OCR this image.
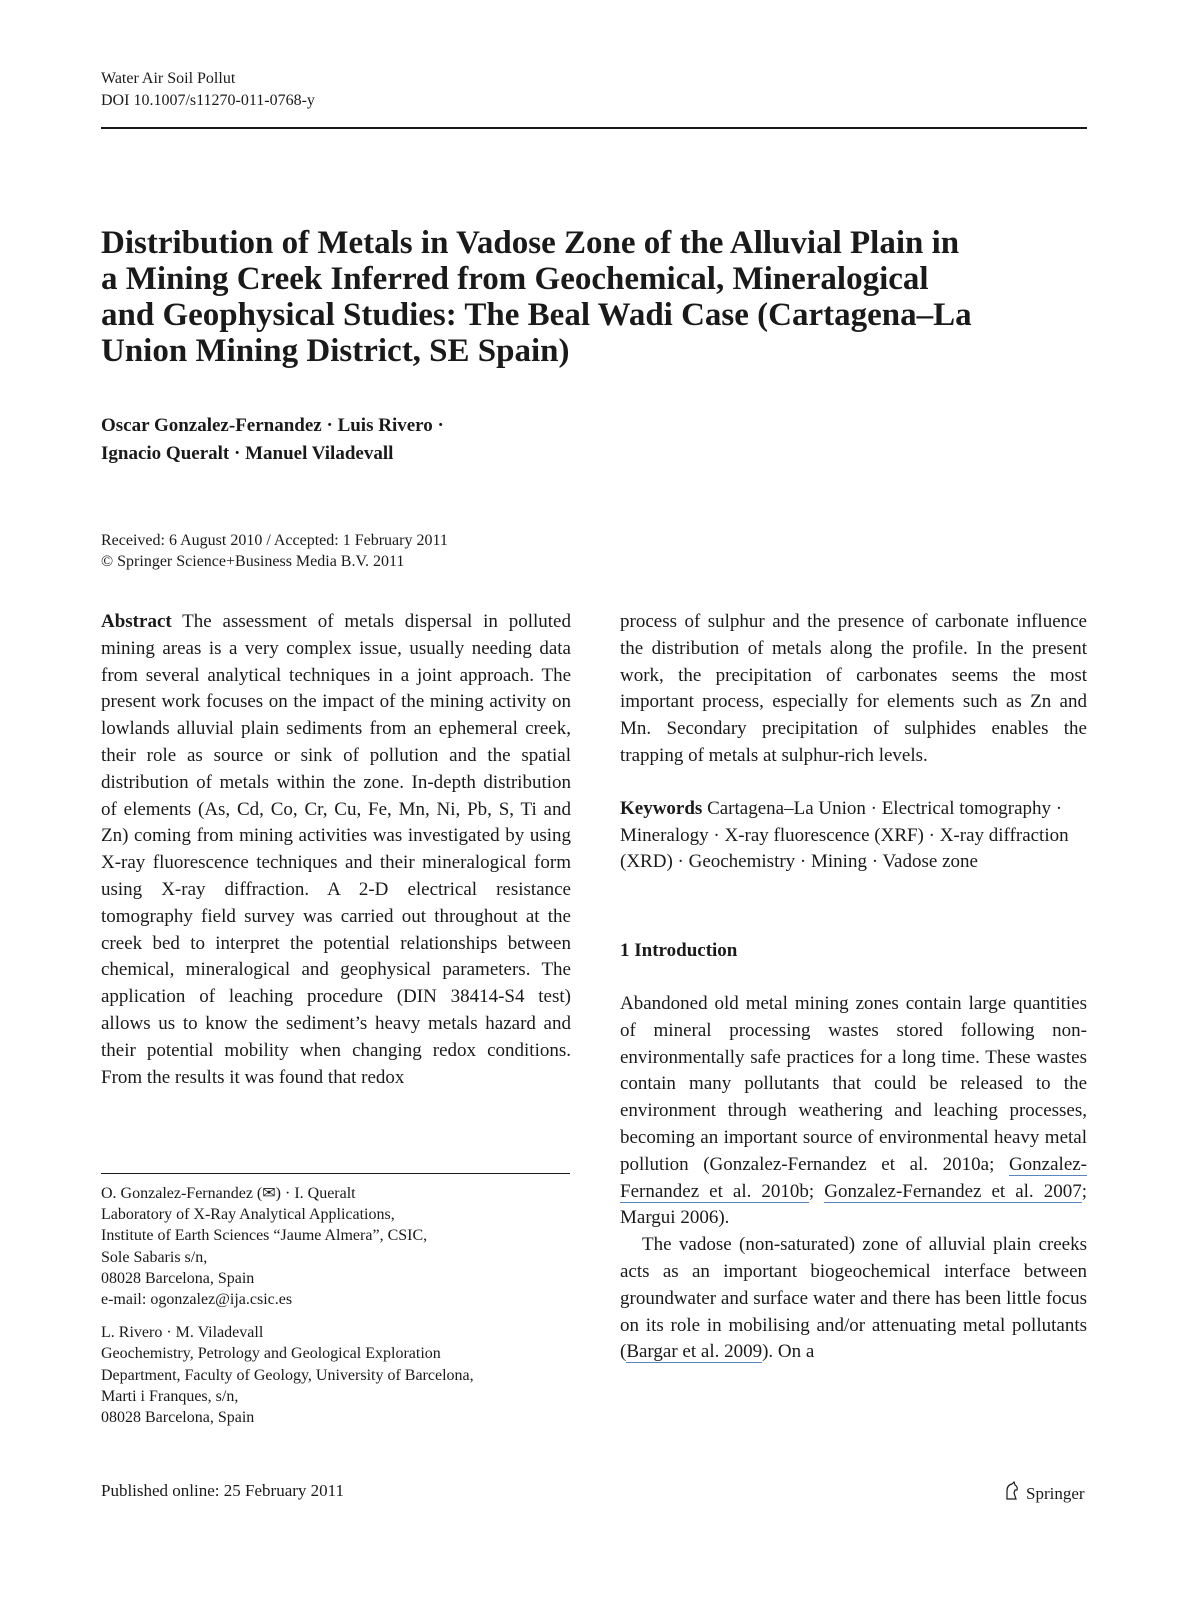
Water Air Soil Pollut
DOI 10.1007/s11270-011-0768-y
Distribution of Metals in Vadose Zone of the Alluvial Plain in a Mining Creek Inferred from Geochemical, Mineralogical and Geophysical Studies: The Beal Wadi Case (Cartagena–La Union Mining District, SE Spain)
Oscar Gonzalez-Fernandez · Luis Rivero ·
Ignacio Queralt · Manuel Viladevall
Received: 6 August 2010 / Accepted: 1 February 2011
© Springer Science+Business Media B.V. 2011

Abstract The assessment of metals dispersal in polluted mining areas is a very complex issue, usually needing data from several analytical techniques in a joint approach. The present work focuses on the impact of the mining activity on lowlands alluvial plain sediments from an ephemeral creek, their role as source or sink of pollution and the spatial distribution of metals within the zone. In-depth distribution of elements (As, Cd, Co, Cr, Cu, Fe, Mn, Ni, Pb, S, Ti and Zn) coming from mining activities was investigated by using X-ray fluorescence techniques and their mineralogical form using X-ray diffraction. A 2-D electrical resistance tomography field survey was carried out throughout at the creek bed to interpret the potential relationships between chemical, mineralogical and geophysical parameters. The application of leaching procedure (DIN 38414-S4 test) allows us to know the sediment’s heavy metals hazard and their potential mobility when changing redox conditions. From the results it was found that redox

O. Gonzalez-Fernandez (✉) · I. Queralt
Laboratory of X-Ray Analytical Applications,
Institute of Earth Sciences “Jaume Almera”, CSIC,
Sole Sabaris s/n,
08028 Barcelona, Spain
e-mail: ogonzalez@ija.csic.es
L. Rivero · M. Viladevall
Geochemistry, Petrology and Geological Exploration
Department, Faculty of Geology, University of Barcelona,
Marti i Franques, s/n,
08028 Barcelona, Spain

process of sulphur and the presence of carbonate influence the distribution of metals along the profile. In the present work, the precipitation of carbonates seems the most important process, especially for elements such as Zn and Mn. Secondary precipitation of sulphides enables the trapping of metals at sulphur-rich levels.

Keywords Cartagena–La Union · Electrical tomography · Mineralogy · X-ray fluorescence (XRF) · X-ray diffraction (XRD) · Geochemistry · Mining · Vadose zone

1 Introduction

Abandoned old metal mining zones contain large quantities of mineral processing wastes stored following non-environmentally safe practices for a long time. These wastes contain many pollutants that could be released to the environment through weathering and leaching processes, becoming an important source of environmental heavy metal pollution (Gonzalez-Fernandez et al. 2010a; Gonzalez-Fernandez et al. 2010b; Gonzalez-Fernandez et al. 2007; Margui 2006).

The vadose (non-saturated) zone of alluvial plain creeks acts as an important biogeochemical interface between groundwater and surface water and there has been little focus on its role in mobilising and/or attenuating metal pollutants (Bargar et al. 2009). On a

Published online: 25 February 2011	Springer
